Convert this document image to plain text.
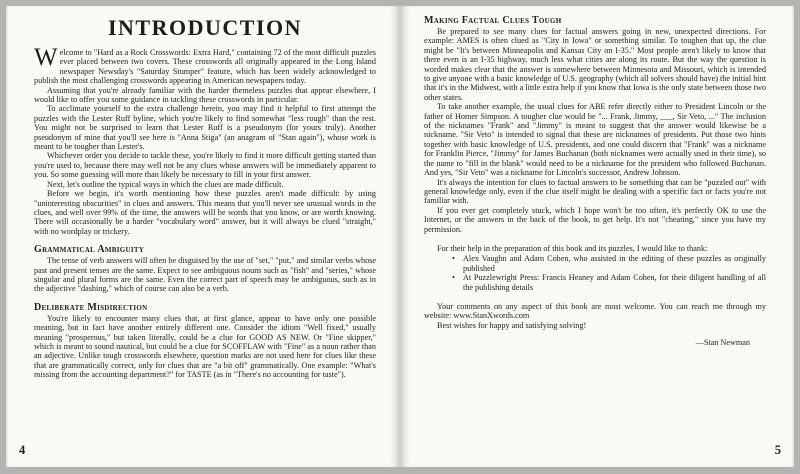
INTRODUCTION

Welcome to "Hard as a Rock Crosswords: Extra Hard," containing 72 of the most difficult puzzles ever placed between two covers. These crosswords all originally appeared in the Long Island newspaper Newsday's "Saturday Stumper" feature, which has been widely acknowledged to publish the most challenging crosswords appearing in American newspapers today.

Assuming that you're already familiar with the harder themeless puzzles that appear elsewhere, I would like to offer you some guidance in tackling these crosswords in particular.

To acclimate yourself to the extra challenge herein, you may find it helpful to first attempt the puzzles with the Lester Ruff byline, which you're likely to find somewhat "less rough" than the rest. You might not be surprised to learn that Lester Ruff is a pseudonym (for yours truly). Another pseudonym of mine that you'll see here is "Anna Stiga" (an anagram of "Stan again"), whose work is meant to be tougher than Lester's.

Whichever order you decide to tackle these, you're likely to find it more difficult getting started than you're used to, because there may well not be any clues whose answers will be immediately apparent to you. So some guessing will more than likely be necessary to fill in your first answer.

Next, let's outline the typical ways in which the clues are made difficult.

Before we begin, it's worth mentioning how these puzzles aren't made difficult: by using "uninteresting obscurities" in clues and answers. This means that you'll never see unusual words in the clues, and well over 99% of the time, the answers will be words that you know, or are worth knowing. There will occasionally be a harder "vocabulary word" answer, but it will always be clued "straight," with no wordplay or trickery.

Grammatical Ambiguity

The tense of verb answers will often be disguised by the use of "set," "put," and similar verbs whose past and present tenses are the same. Expect to see ambiguous nouns such as "fish" and "series," whose singular and plural forms are the same. Even the correct part of speech may be ambiguous, such as in the adjective "dashing," which of course can also be a verb.

Deliberate Misdirection

You're likely to encounter many clues that, at first glance, appear to have only one possible meaning, but in fact have another entirely different one. Consider the idiom "Well fixed," usually meaning "prosperous," but taken literally, could be a clue for GOOD AS NEW. Or "Fine skipper," which is meant to sound nautical, but could be a clue for SCOFFLAW with "Fine" as a noun rather than an adjective. Unlike tough crosswords elsewhere, question marks are not used here for clues like these that are grammatically correct, only for clues that are "a bit off" grammatically. One example: "What's missing from the accounting department?" for TASTE (as in "There's no accounting for taste").

4
Making Factual Clues Tough

Be prepared to see many clues for factual answers going in new, unexpected directions. For example: AMES is often clued as "City in Iowa" or something similar. To toughen that up, the clue might be "It's between Minneapolis and Kansas City on I-35." Most people aren't likely to know that there even is an I-35 highway, much less what cities are along its route. But the way the question is worded makes clear that the answer is somewhere between Minnesota and Missouri, which is intended to give anyone with a basic knowledge of U.S. geography (which all solvers should have) the initial hint that it's in the Midwest, with a little extra help if you know that Iowa is the only state between those two other states.

To take another example, the usual clues for ABE refer directly either to President Lincoln or the father of Homer Simpson. A tougher clue would be "... Frank, Jimmy, ___, Sir Veto, ..." The inclusion of the nicknames "Frank" and "Jimmy" is meant to suggest that the answer would likewise be a nickname. "Sir Veto" is intended to signal that these are nicknames of presidents. Put those two hints together with basic knowledge of U.S. presidents, and one could discern that "Frank" was a nickname for Franklin Pierce, "Jimmy" for James Buchanan (both nicknames were actually used in their time), so the name to "fill in the blank" would need to be a nickname for the president who followed Buchanan. And yes, "Sir Veto" was a nickname for Lincoln's successor, Andrew Johnson.

It's always the intention for clues to factual answers to be something that can be "puzzled out" with general knowledge only, even if the clue itself might be dealing with a specific fact or facts you're not familiar with.

If you ever get completely stuck, which I hope won't be too often, it's perfectly OK to use the Internet, or the answers in the back of the book, to get help. It's not "cheating," since you have my permission.

For their help in the preparation of this book and its puzzles, I would like to thank:

• Alex Vaughn and Adam Cohen, who assisted in the editing of these puzzles as originally published
• At Puzzlewright Press: Francis Heaney and Adam Cohen, for their diligent handling of all the publishing details

Your comments on any aspect of this book are most welcome. You can reach me through my website: www.StanXwords.com

Best wishes for happy and satisfying solving!

—Stan Newman

5
